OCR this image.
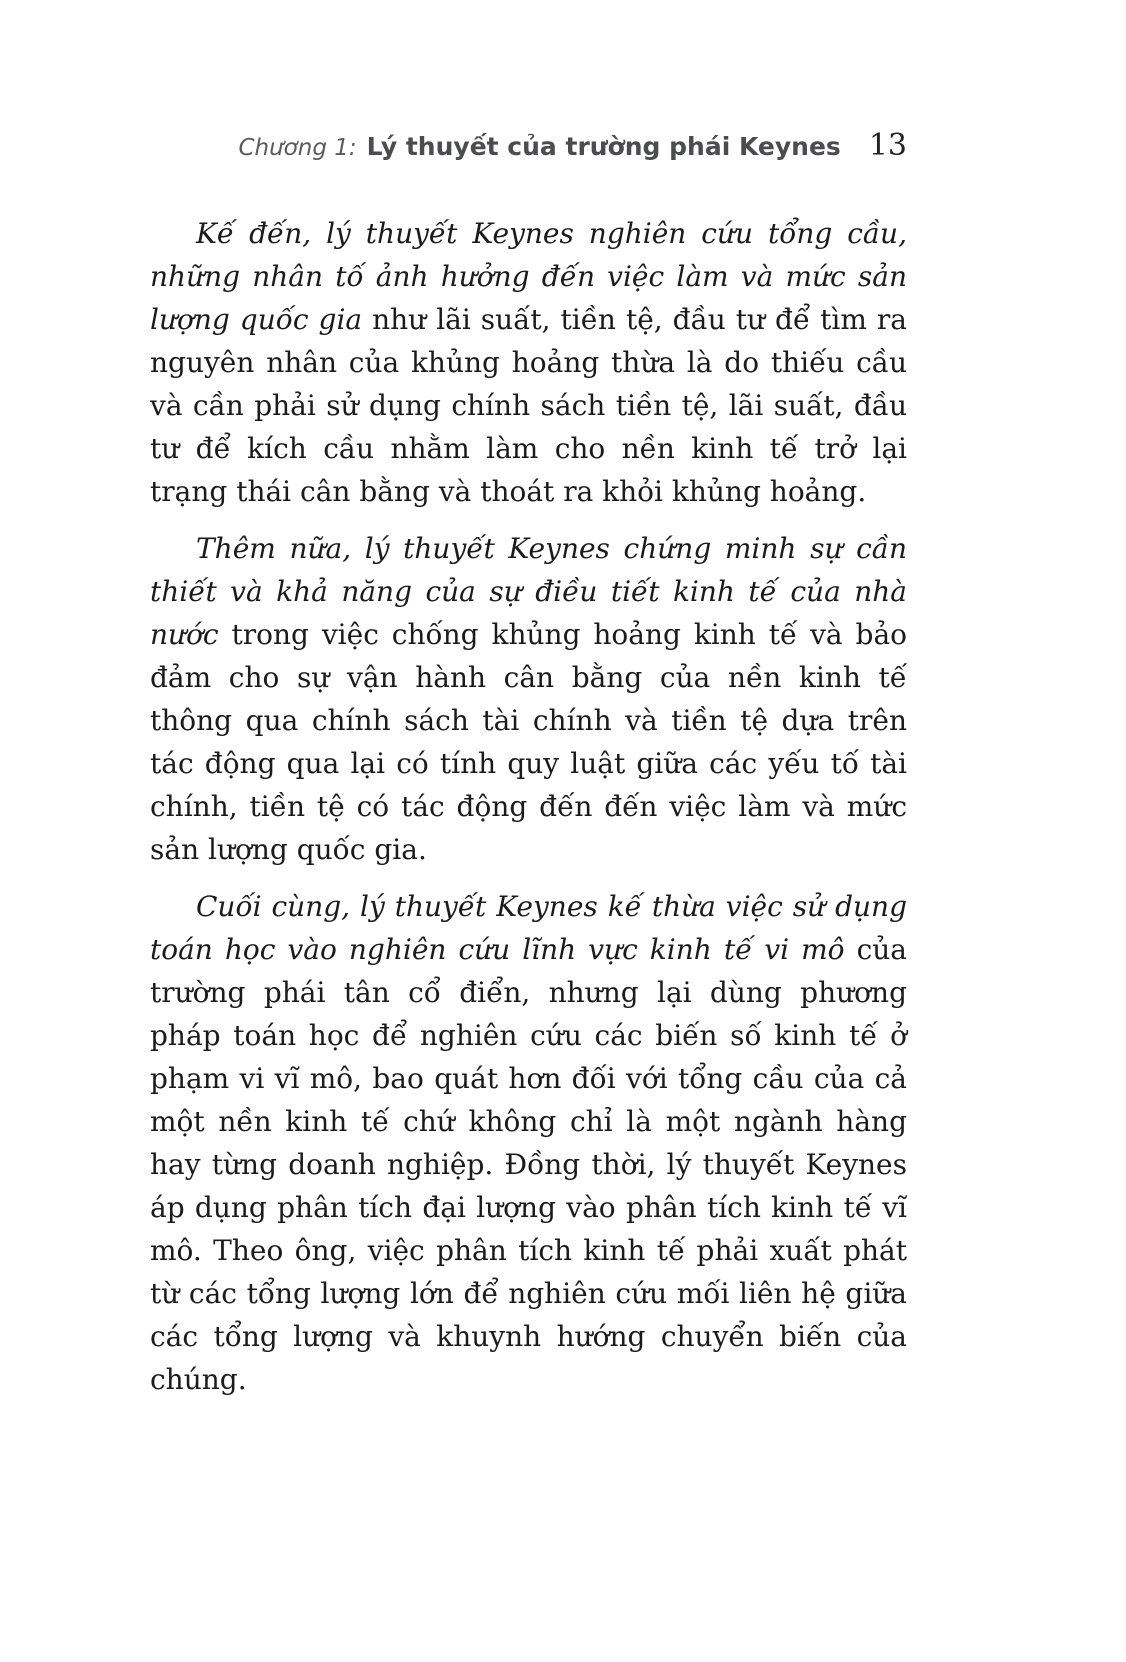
Chương 1: Lý thuyết của trường phái Keynes 13

Kế đến, lý thuyết Keynes nghiên cứu tổng cầu, những nhân tố ảnh hưởng đến việc làm và mức sản lượng quốc gia như lãi suất, tiền tệ, đầu tư để tìm ra nguyên nhân của khủng hoảng thừa là do thiếu cầu và cần phải sử dụng chính sách tiền tệ, lãi suất, đầu tư để kích cầu nhằm làm cho nền kinh tế trở lại trạng thái cân bằng và thoát ra khỏi khủng hoảng.

Thêm nữa, lý thuyết Keynes chứng minh sự cần thiết và khả năng của sự điều tiết kinh tế của nhà nước trong việc chống khủng hoảng kinh tế và bảo đảm cho sự vận hành cân bằng của nền kinh tế thông qua chính sách tài chính và tiền tệ dựa trên tác động qua lại có tính quy luật giữa các yếu tố tài chính, tiền tệ có tác động đến đến việc làm và mức sản lượng quốc gia.

Cuối cùng, lý thuyết Keynes kế thừa việc sử dụng toán học vào nghiên cứu lĩnh vực kinh tế vi mô của trường phái tân cổ điển, nhưng lại dùng phương pháp toán học để nghiên cứu các biến số kinh tế ở phạm vi vĩ mô, bao quát hơn đối với tổng cầu của cả một nền kinh tế chứ không chỉ là một ngành hàng hay từng doanh nghiệp. Đồng thời, lý thuyết Keynes áp dụng phân tích đại lượng vào phân tích kinh tế vĩ mô. Theo ông, việc phân tích kinh tế phải xuất phát từ các tổng lượng lớn để nghiên cứu mối liên hệ giữa các tổng lượng và khuynh hướng chuyển biến của chúng.
